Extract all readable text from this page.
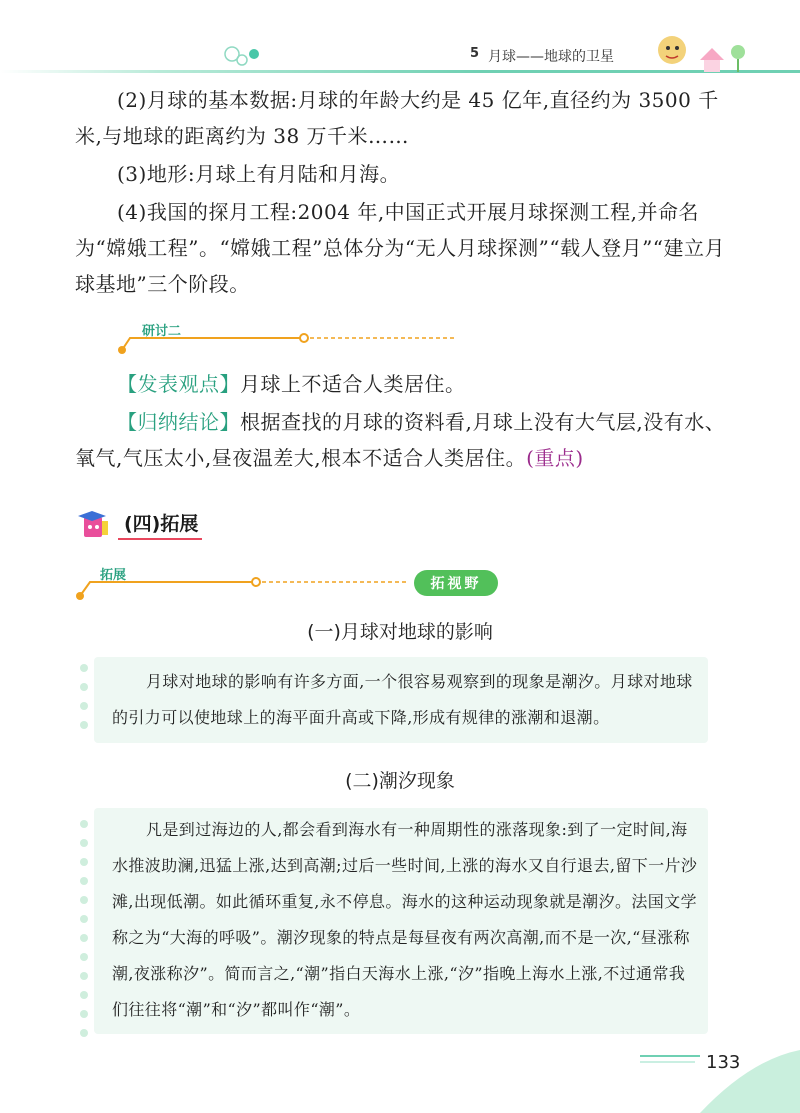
5 月球——地球的卫星
(2)月球的基本数据:月球的年龄大约是 45 亿年,直径约为 3500 千米,与地球的距离约为 38 万千米……
(3)地形:月球上有月陆和月海。
(4)我国的探月工程:2004 年,中国正式开展月球探测工程,并命名为“嫦娥工程”。“嫦娥工程”总体分为“无人月球探测”“载人登月”“建立月球基地”三个阶段。
研讨二
【发表观点】月球上不适合人类居住。
【归纳结论】根据查找的月球的资料看,月球上没有大气层,没有水、氧气,气压太小,昼夜温差大,根本不适合人类居住。(重点)
(四)拓展
拓展
拓视野
(一)月球对地球的影响

月球对地球的影响有许多方面,一个很容易观察到的现象是潮汐。月球对地球的引力可以使地球上的海平面升高或下降,形成有规律的涨潮和退潮。

(二)潮汐现象

凡是到过海边的人,都会看到海水有一种周期性的涨落现象:到了一定时间,海水推波助澜,迅猛上涨,达到高潮;过后一些时间,上涨的海水又自行退去,留下一片沙滩,出现低潮。如此循环重复,永不停息。海水的这种运动现象就是潮汐。法国文学称之为“大海的呼吸”。潮汐现象的特点是每昼夜有两次高潮,而不是一次,“昼涨称潮,夜涨称汐”。简而言之,“潮”指白天海水上涨,“汐”指晚上海水上涨,不过通常我们往往将“潮”和“汐”都叫作“潮”。

133
